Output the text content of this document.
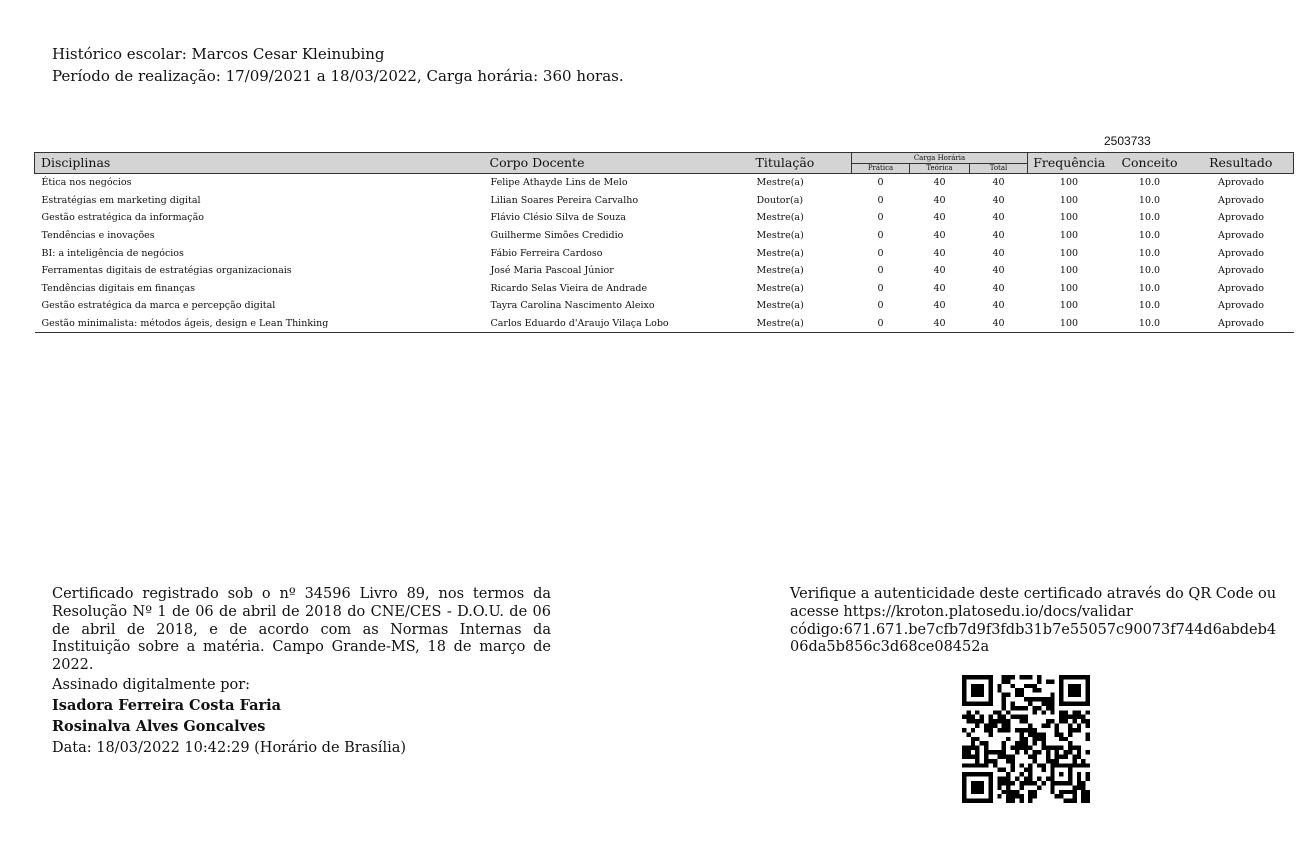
Histórico escolar: Marcos Cesar Kleinubing
Período de realização: 17/09/2021 a 18/03/2022, Carga horária: 360 horas.
2503733
Disciplinas	Corpo Docente	Titulação	Carga Horária			Frequência	Conceito	Resultado
			Prática	Teórica	Total			
Ética nos negócios	Felipe Athayde Lins de Melo	Mestre(a)	0	40	40	100	10.0	Aprovado
Estratégias em marketing digital	Lilian Soares Pereira Carvalho	Doutor(a)	0	40	40	100	10.0	Aprovado
Gestão estratégica da informação	Flávio Clésio Silva de Souza	Mestre(a)	0	40	40	100	10.0	Aprovado
Tendências e inovações	Guilherme Simões Credidio	Mestre(a)	0	40	40	100	10.0	Aprovado
BI: a inteligência de negócios	Fábio Ferreira Cardoso	Mestre(a)	0	40	40	100	10.0	Aprovado
Ferramentas digitais de estratégias organizacionais	José Maria Pascoal Júnior	Mestre(a)	0	40	40	100	10.0	Aprovado
Tendências digitais em finanças	Ricardo Selas Vieira de Andrade	Mestre(a)	0	40	40	100	10.0	Aprovado
Gestão estratégica da marca e percepção digital	Tayra Carolina Nascimento Aleixo	Mestre(a)	0	40	40	100	10.0	Aprovado
Gestão minimalista: métodos ágeis, design e Lean Thinking	Carlos Eduardo d'Araujo Vilaça Lobo	Mestre(a)	0	40	40	100	10.0	Aprovado
Certificado registrado sob o nº 34596 Livro 89, nos termos da Resolução Nº 1 de 06 de abril de 2018 do CNE/CES - D.O.U. de 06 de abril de 2018, e de acordo com as Normas Internas da Instituição sobre a matéria. Campo Grande-MS, 18 de março de 2022.
Assinado digitalmente por:
Isadora Ferreira Costa Faria
Rosinalva Alves Goncalves
Data: 18/03/2022 10:42:29 (Horário de Brasília)
Verifique a autenticidade deste certificado através do QR Code ou
acesse https://kroton.platosedu.io/docs/validar
código:671.671.be7cfb7d9f3fdb31b7e55057c90073f744d6abdeb4
06da5b856c3d68ce08452a
